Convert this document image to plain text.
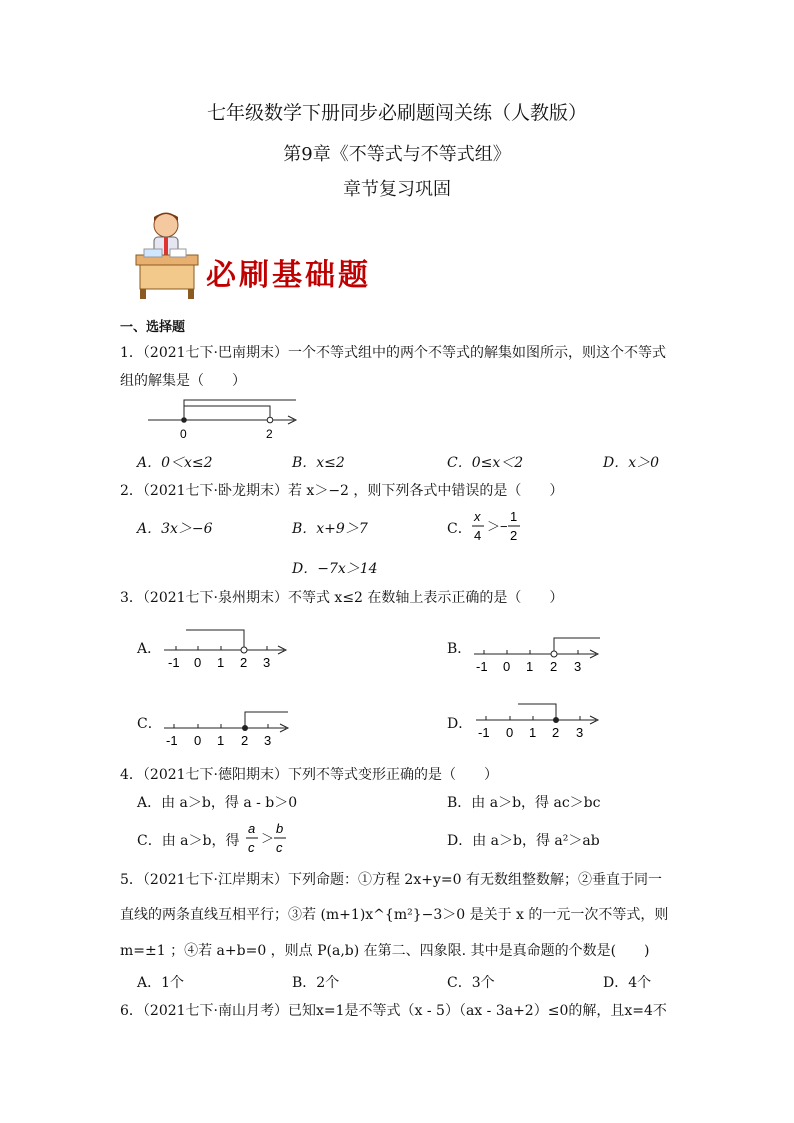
七年级数学下册同步必刷题闯关练（人教版）
第9章《不等式与不等式组》
章节复习巩固
必刷基础题
一、选择题
1．（2021七下·巴南期末）一个不等式组中的两个不等式的解集如图所示，则这个不等式
组的解集是（　　）
0	2
A．0＜x≤2	B．x≤2	C．0≤x＜2	D．x＞0
2．（2021七下·卧龙期末）若 x＞−2 ，则下列各式中错误的是（　　）
A．3x＞−6	B．x+9＞7	C．
x
4
＞−
1
2
D．−7x＞14
3．（2021七下·泉州期末）不等式 x≤2 在数轴上表示正确的是（　　）
A．
-1 0 1 2 3
B．
-1 0 1 2 3
C．
-1 0 1 2 3
D．
-1 0 1 2 3
4．（2021七下·德阳期末）下列不等式变形正确的是（　　）
A．由 a＞b，得 a - b＞0	B．由 a＞b，得 ac＞bc
C．由 a＞b，得
a
c
＞
b
c	D．由 a＞b，得 a²＞ab
5．（2021七下·江岸期末）下列命题：①方程 2x+y=0 有无数组整数解；②垂直于同一
直线的两条直线互相平行；③若 (m+1)x^{m²}−3＞0 是关于 x 的一元一次不等式，则
m=±1 ；④若 a+b=0 ，则点 P(a,b) 在第二、四象限. 其中是真命题的个数是(　　)
A．1个	B．2个	C．3个	D．4个
6．（2021七下·南山月考）已知x=1是不等式（x - 5）（ax - 3a+2）≤0的解，且x=4不
